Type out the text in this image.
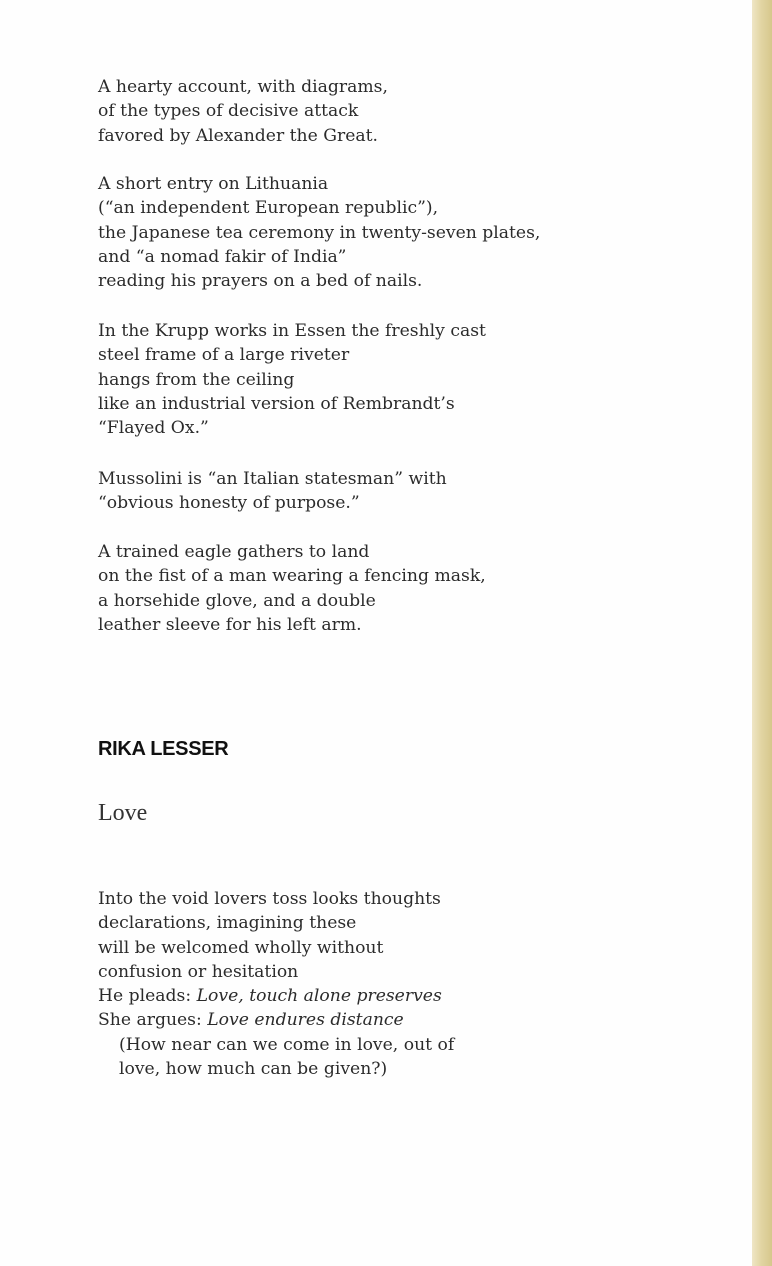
A hearty account, with diagrams,
of the types of decisive attack
favored by Alexander the Great.

A short entry on Lithuania
(“an independent European republic”),
the Japanese tea ceremony in twenty-seven plates,
and “a nomad fakir of India”
reading his prayers on a bed of nails.

In the Krupp works in Essen the freshly cast
steel frame of a large riveter
hangs from the ceiling
like an industrial version of Rembrandt’s
“Flayed Ox.”

Mussolini is “an Italian statesman” with
“obvious honesty of purpose.”

A trained eagle gathers to land
on the fist of a man wearing a fencing mask,
a horsehide glove, and a double
leather sleeve for his left arm.

RIKA LESSER
Love
Into the void lovers toss looks thoughts
declarations, imagining these
will be welcomed wholly without
confusion or hesitation
He pleads: Love, touch alone preserves
She argues: Love endures distance
(How near can we come in love, out of
love, how much can be given?)
